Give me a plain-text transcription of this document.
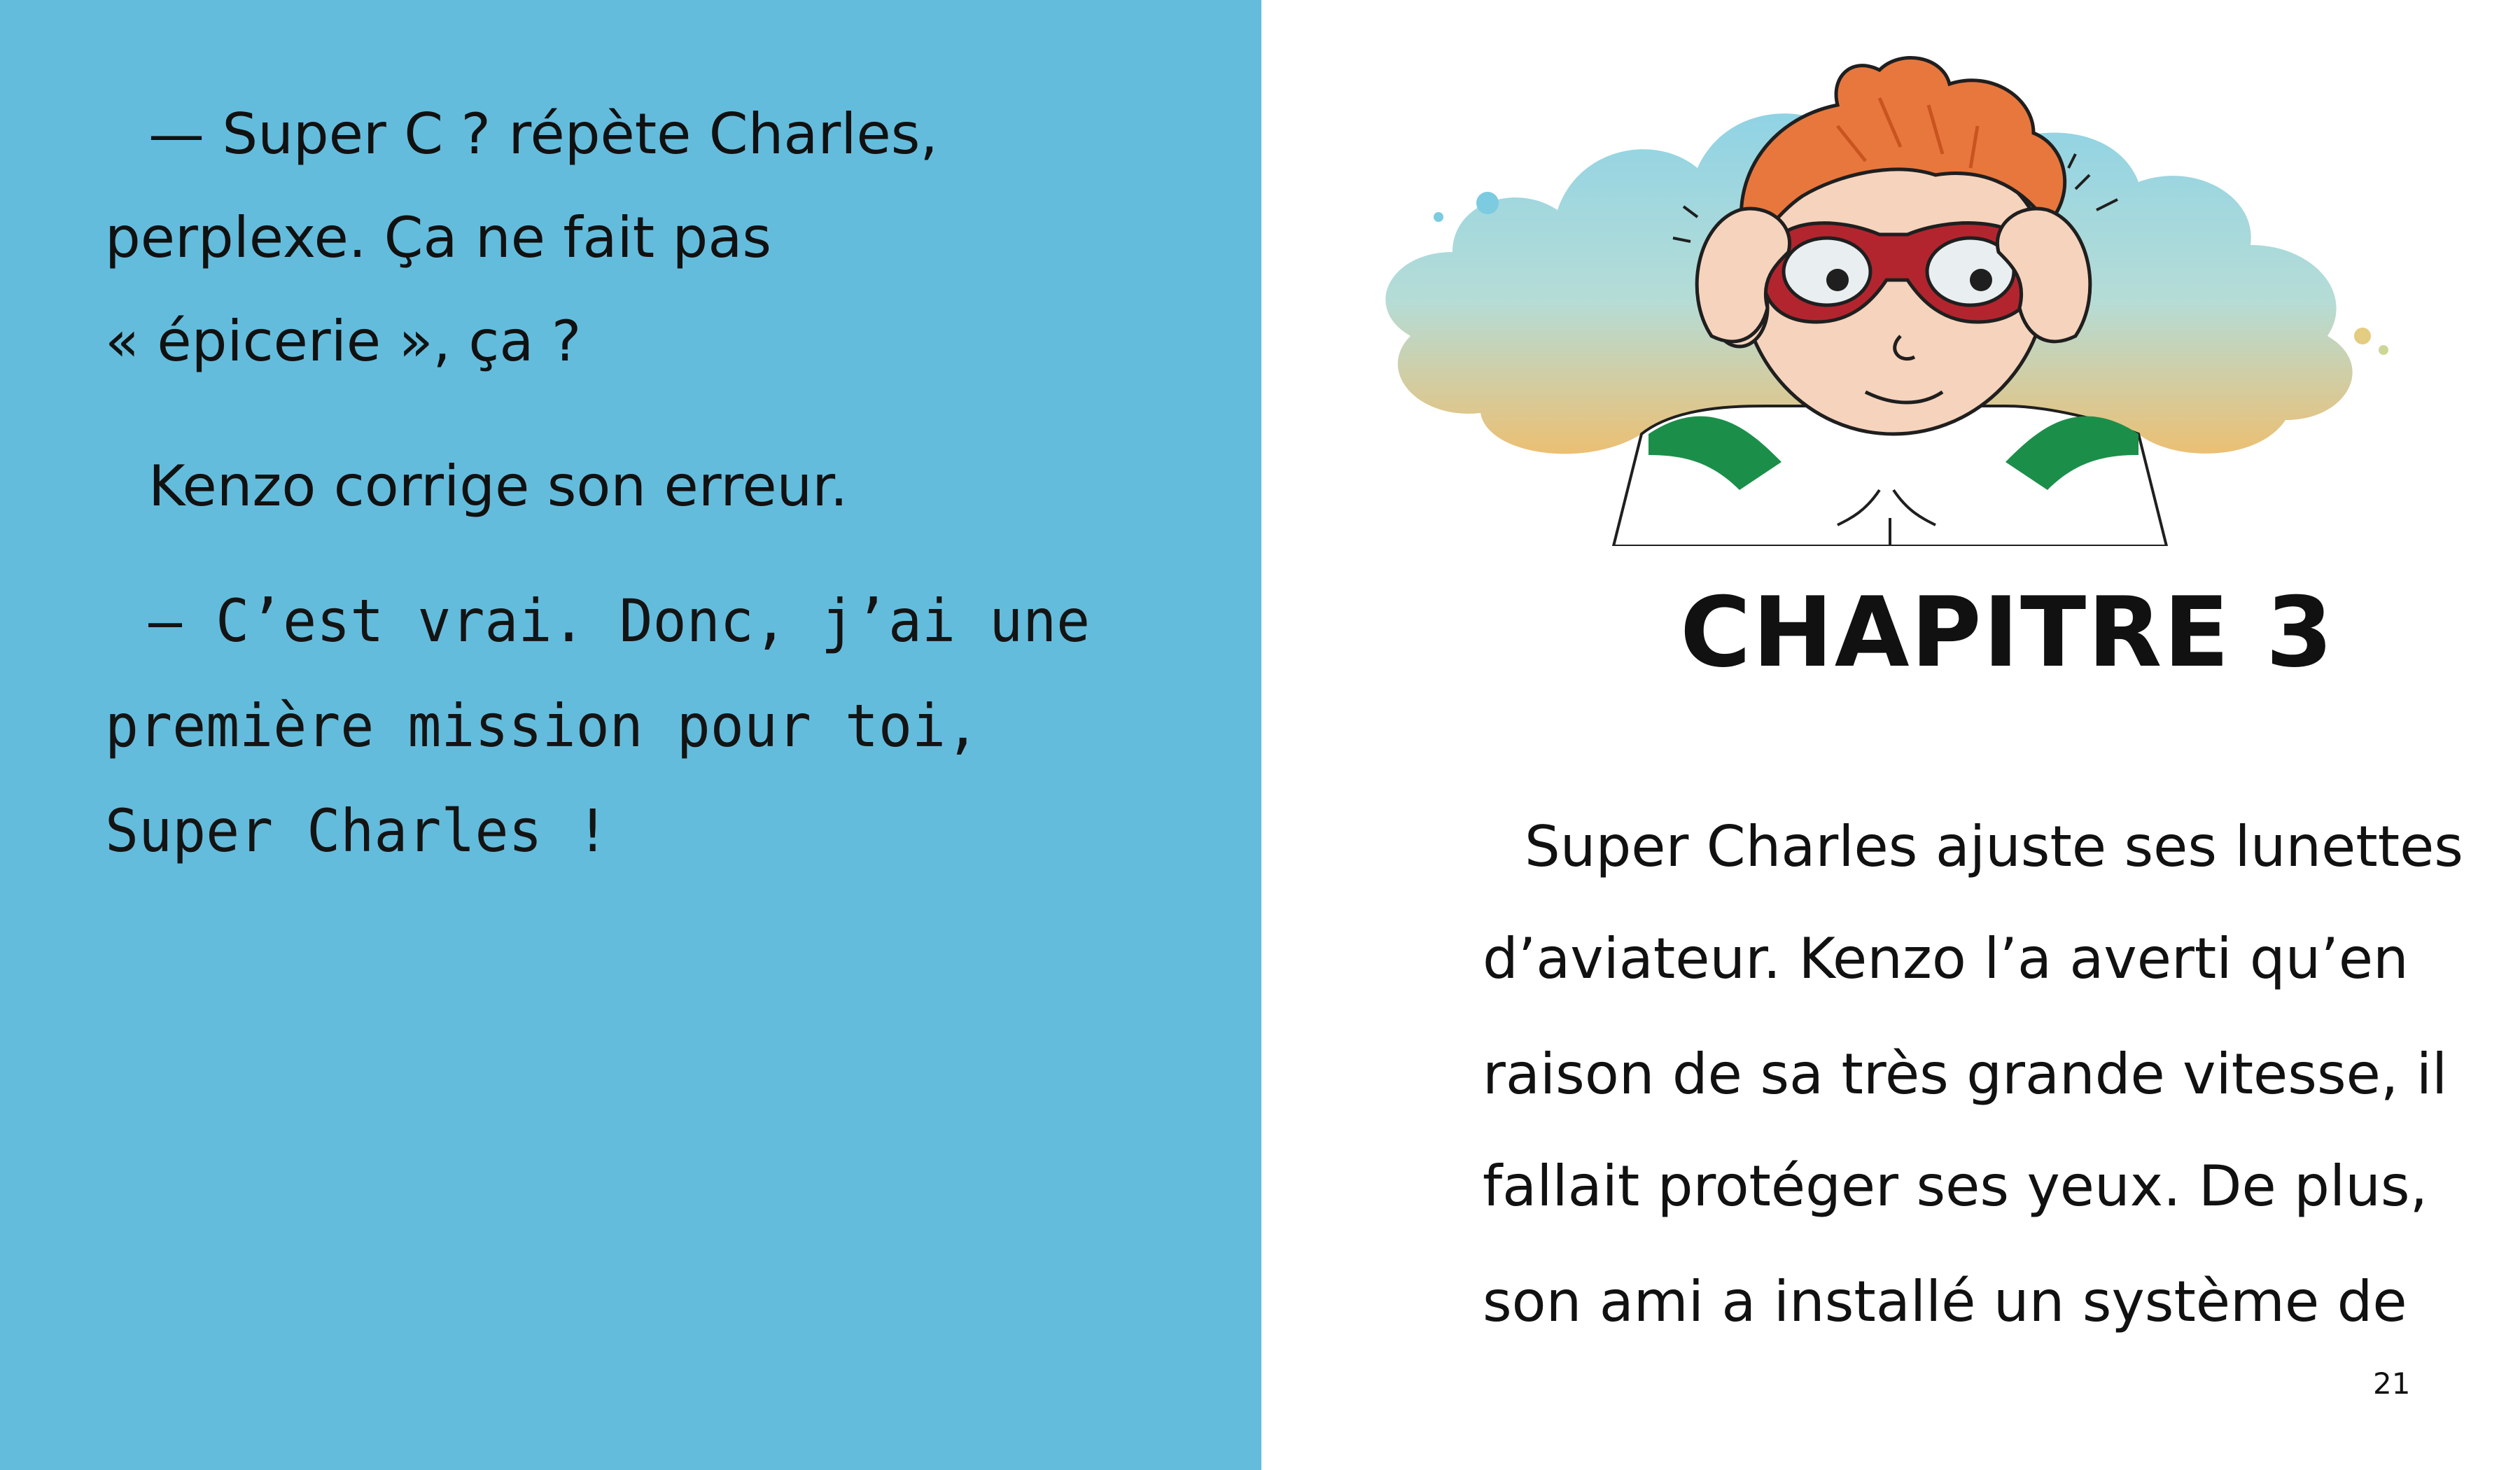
— Super C ? répète Charles,
perplexe. Ça ne fait pas
« épicerie », ça ?
Kenzo corrige son erreur.
— C’est vrai. Donc, j’ai une
première mission pour toi,
Super Charles !
CHAPITRE 3
Super Charles ajuste ses lunettes
d’aviateur. Kenzo l’a averti qu’en
raison de sa très grande vitesse, il
fallait protéger ses yeux. De plus,
son ami a installé un système de
21
